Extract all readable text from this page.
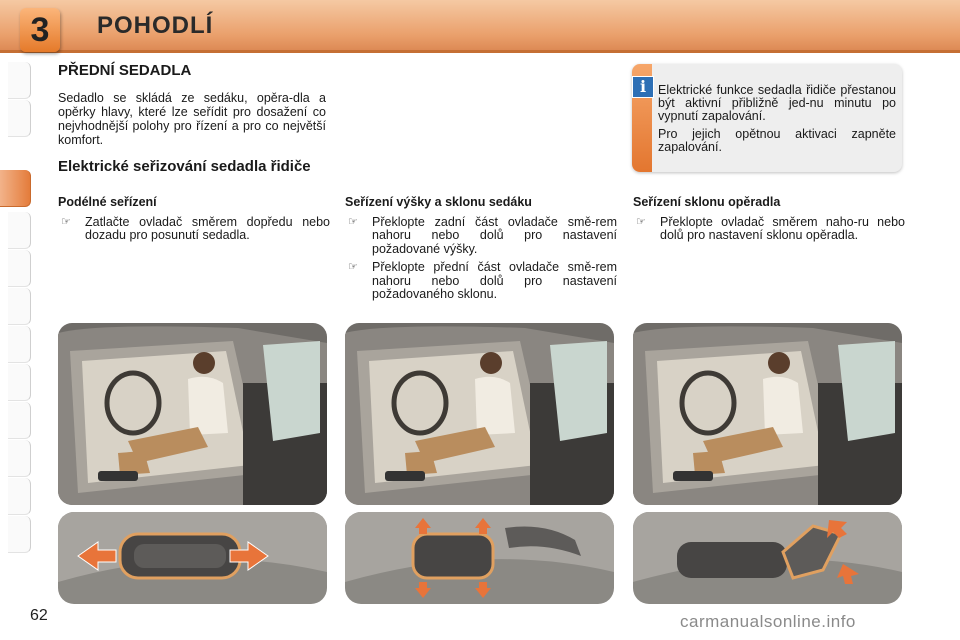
3	POHODLÍ
PŘEDNÍ SEDADLA
Sedadlo se skládá ze sedáku, opěra-dla a opěrky hlavy, které lze seřídit pro dosažení co nejvhodnější polohy pro řízení a pro co největší komfort.
Elektrické seřizování sedadla řidiče
i Elektrické funkce sedadla řidiče přestanou být aktivní přibližně jed-nu minutu po vypnutí zapalování.

Pro jejich opětnou aktivaci zapněte zapalování.

Podélné seřízení
☞	Zatlačte ovladač směrem dopředu nebo dozadu pro posunutí sedadla.
Seřízení výšky a sklonu sedáku
☞	Překlopte zadní část ovladače smě-rem nahoru nebo dolů pro nastavení požadované výšky.
☞	Překlopte přední část ovladače smě-rem nahoru nebo dolů pro nastavení požadovaného sklonu.
Seřízení sklonu opěradla
☞	Překlopte ovladač směrem naho-ru nebo dolů pro nastavení sklonu opěradla.
62	carmanualsonline.info
